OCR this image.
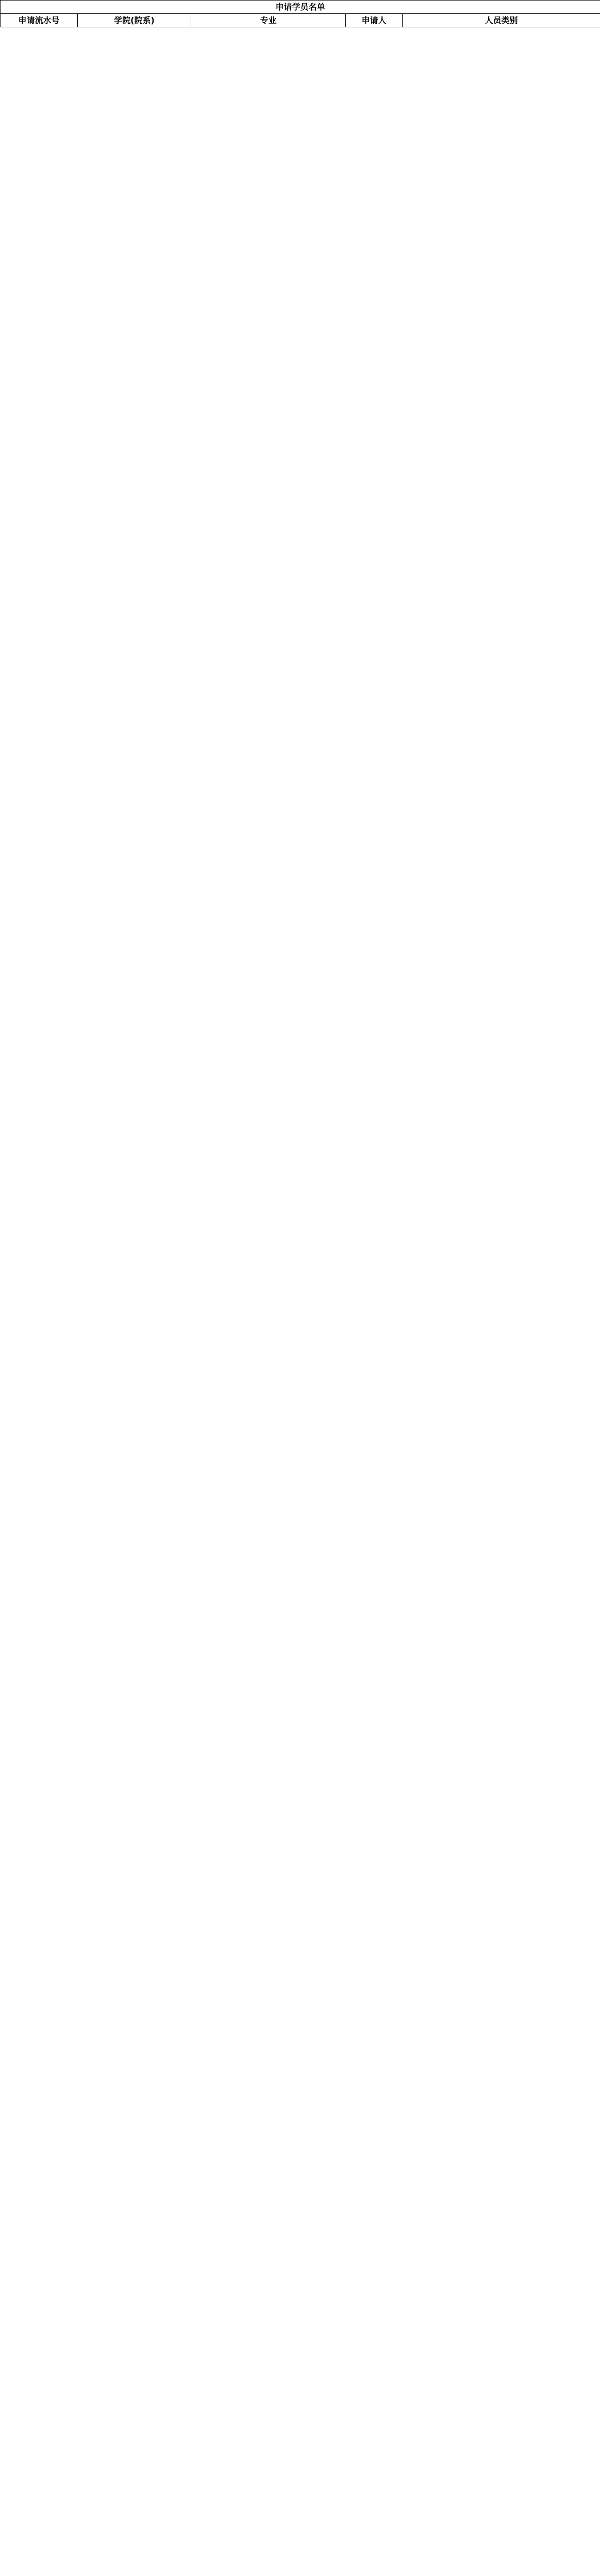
申请学员名单
申请流水号	学院(院系)	专业	申请人	人员类别
